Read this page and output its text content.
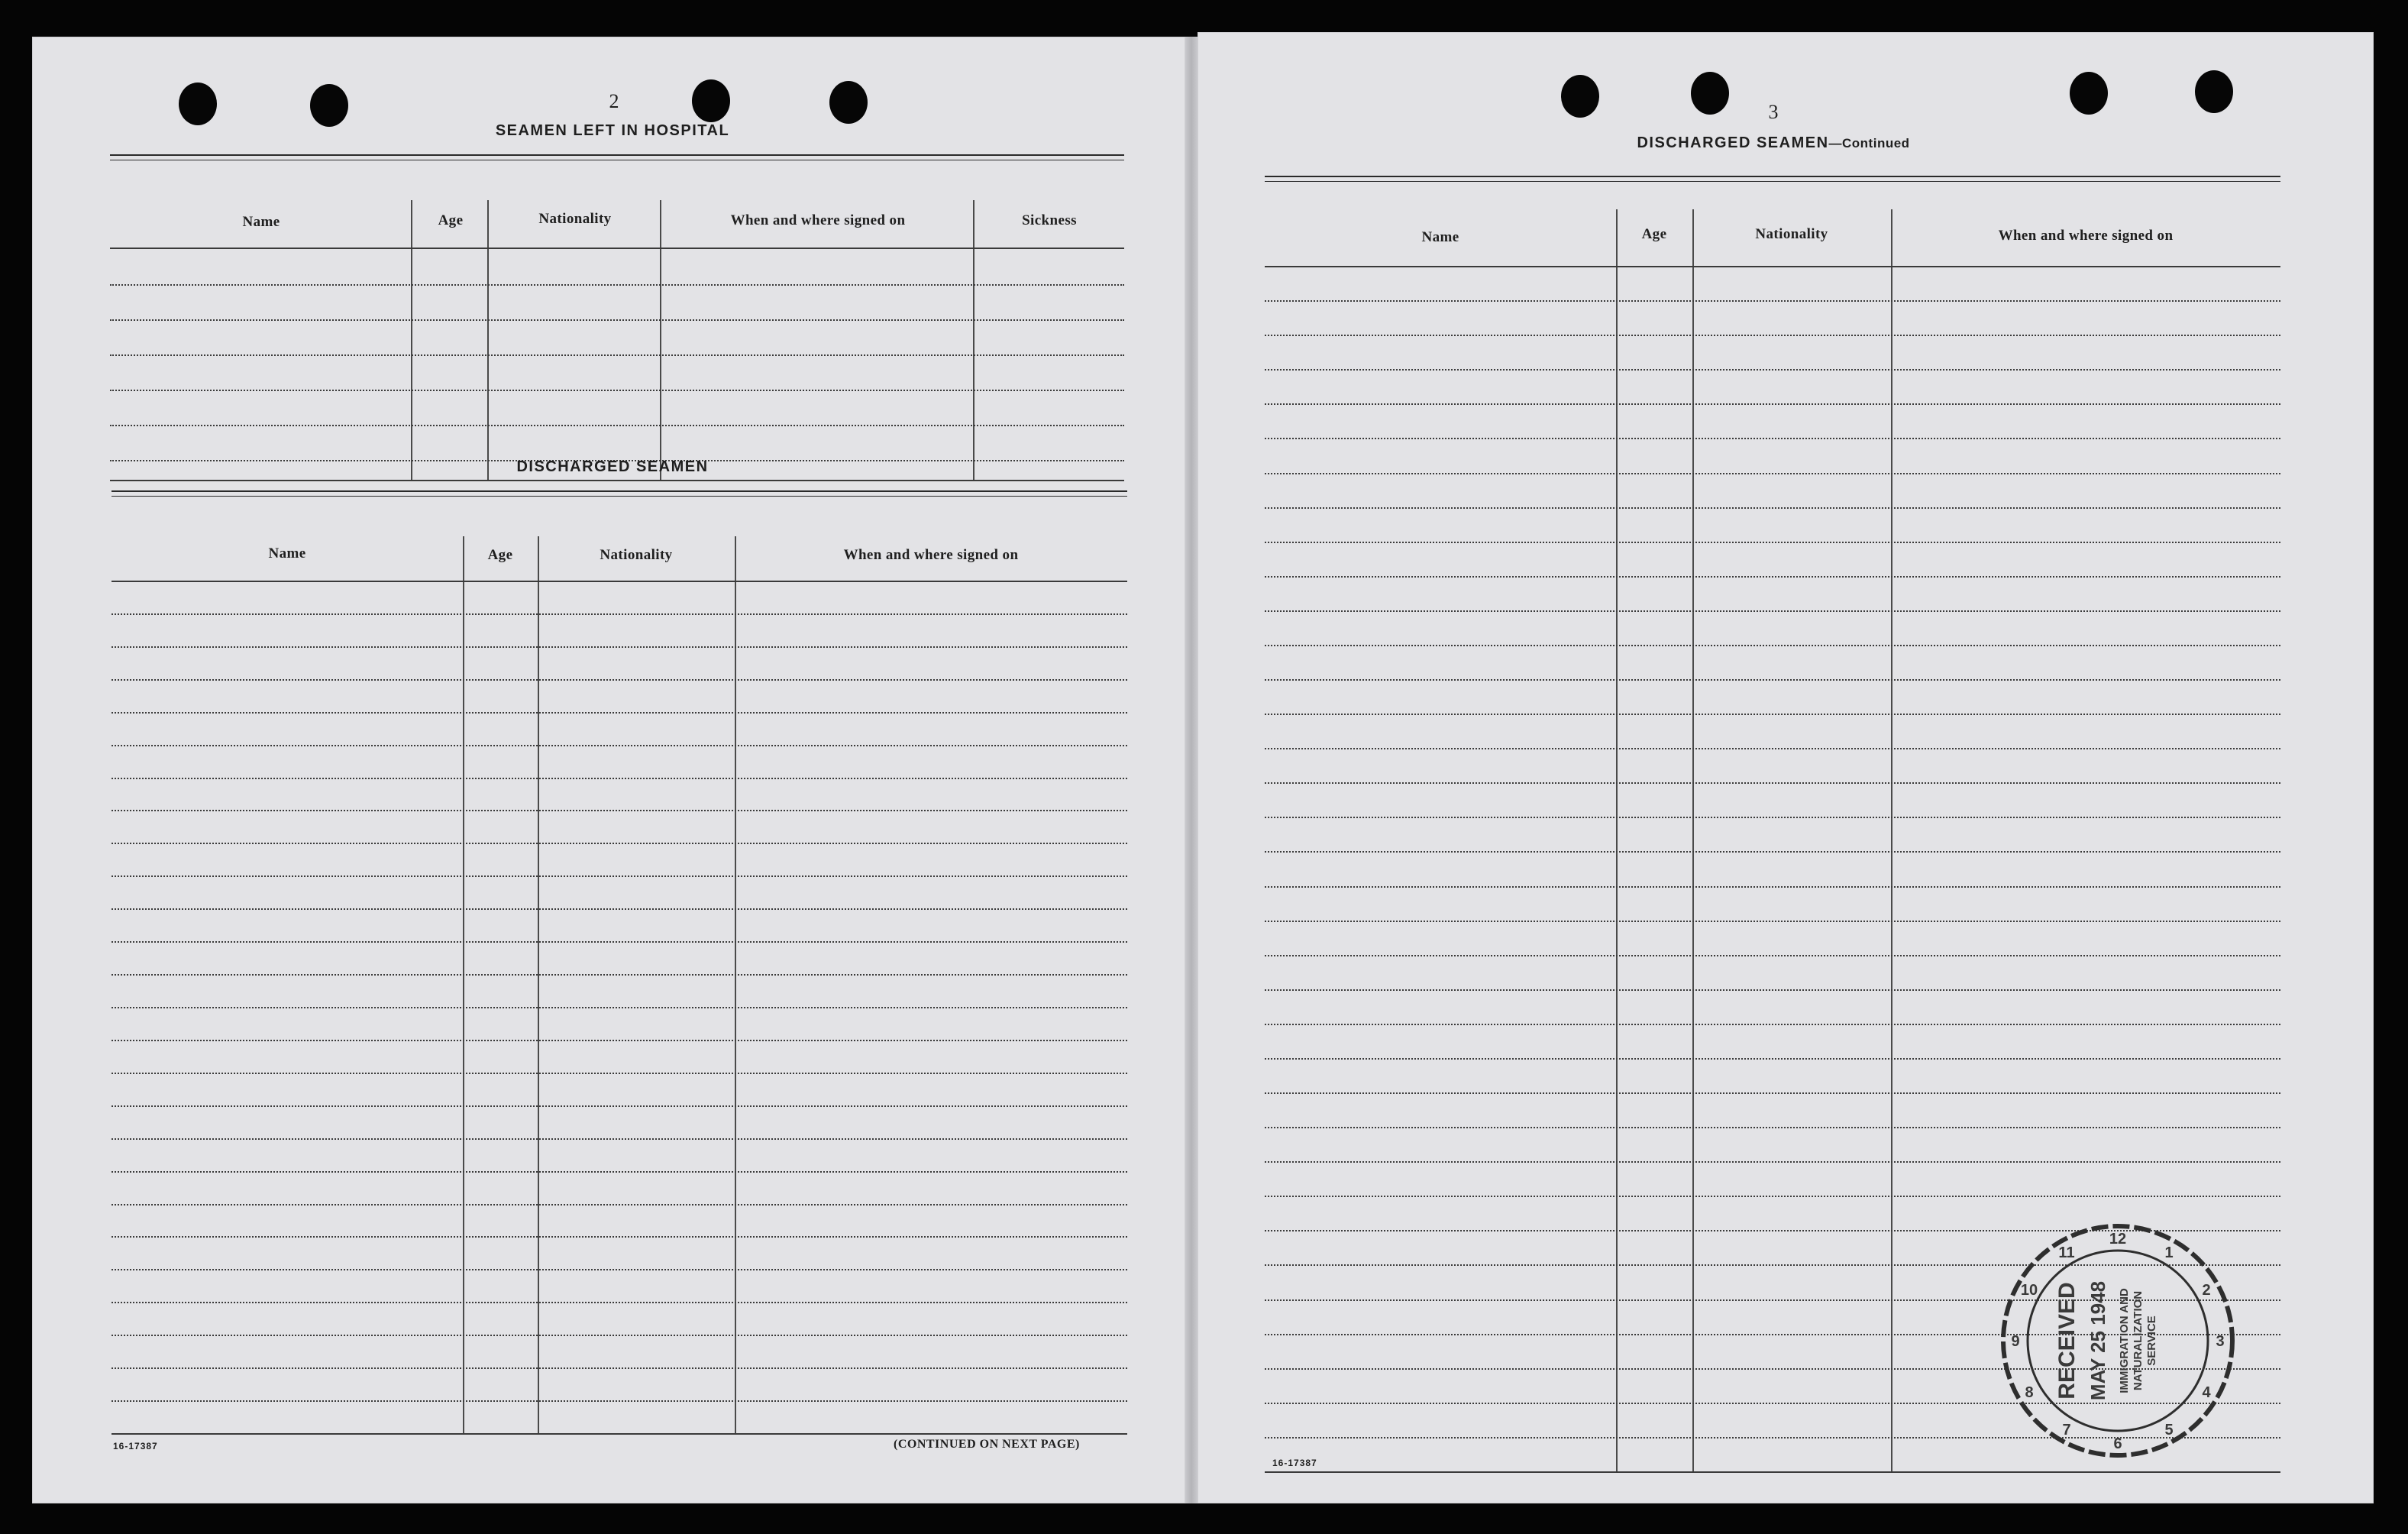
2
SEAMEN LEFT IN HOSPITAL
Name	Age	Nationality	When and where signed on	Sickness
DISCHARGED SEAMEN
Name	Age	Nationality	When and where signed on
16-17387	(CONTINUED ON NEXT PAGE)
3
DISCHARGED SEAMEN—Continued
Name	Age	Nationality	When and where signed on
16-17387
12
1
2
3
4
5
6
7
8
9
10
11
RECEIVED MAY 25 1948 IMMIGRATION AND NATURALIZATION SERVICE
